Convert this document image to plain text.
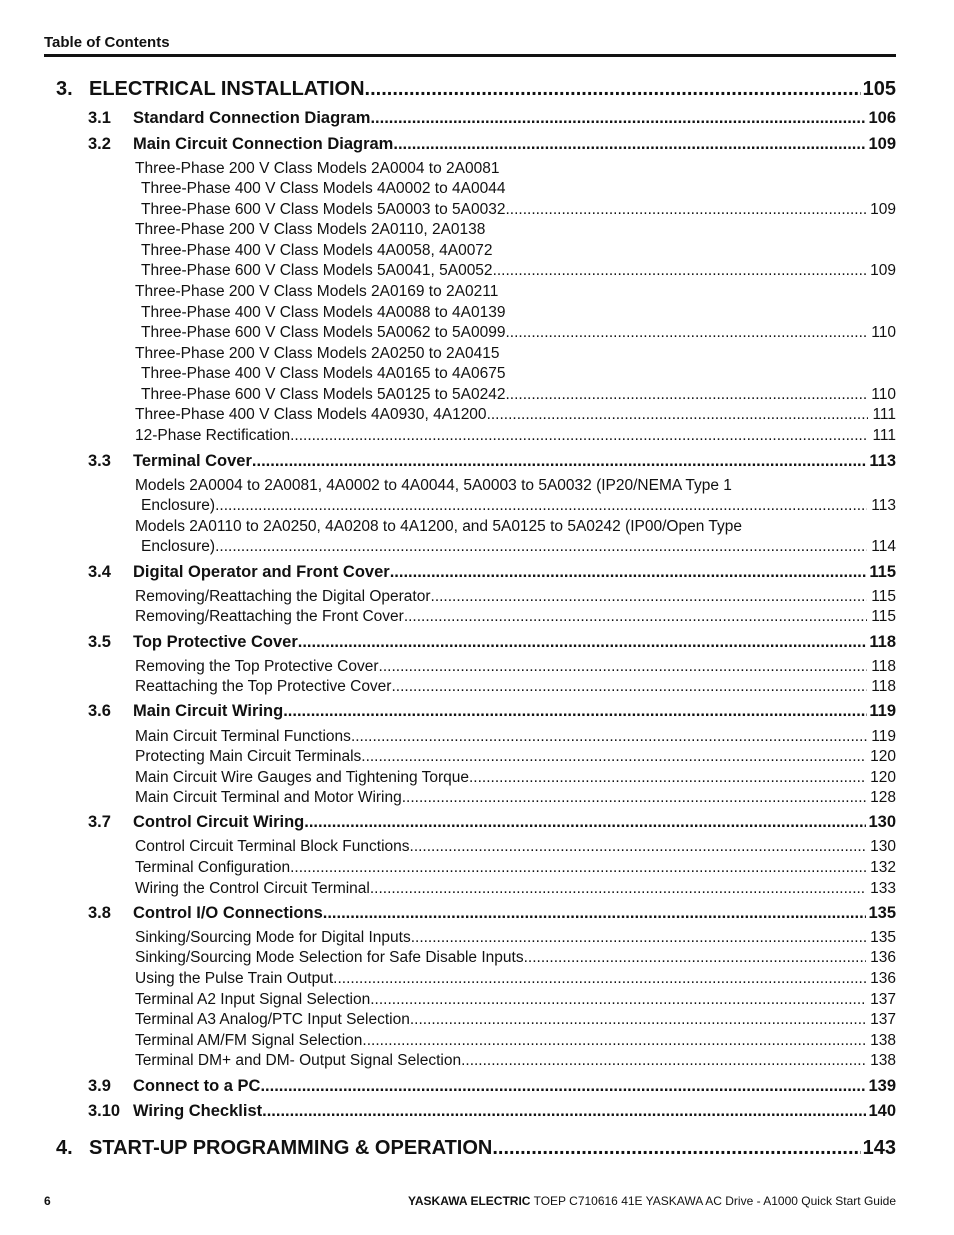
Table of Contents
3. ELECTRICAL INSTALLATION .....	105
3.1	Standard Connection Diagram .....	106
3.2	Main Circuit Connection Diagram .....	109
Three-Phase 200 V Class Models 2A0004 to 2A0081
Three-Phase 400 V Class Models 4A0002 to 4A0044
Three-Phase 600 V Class Models 5A0003 to 5A0032 .....	109
Three-Phase 200 V Class Models 2A0110, 2A0138
Three-Phase 400 V Class Models 4A0058, 4A0072
Three-Phase 600 V Class Models 5A0041, 5A0052 .....	109
Three-Phase 200 V Class Models 2A0169 to 2A0211
Three-Phase 400 V Class Models 4A0088 to 4A0139
Three-Phase 600 V Class Models 5A0062 to 5A0099 .....	110
Three-Phase 200 V Class Models 2A0250 to 2A0415
Three-Phase 400 V Class Models 4A0165 to 4A0675
Three-Phase 600 V Class Models 5A0125 to 5A0242 .....	110
Three-Phase 400 V Class Models 4A0930, 4A1200 .....	111
12-Phase Rectification .....	111
3.3	Terminal Cover .....	113
Models 2A0004 to 2A0081, 4A0002 to 4A0044, 5A0003 to 5A0032 (IP20/NEMA Type 1
Enclosure) .....	113
Models 2A0110 to 2A0250, 4A0208 to 4A1200, and 5A0125 to 5A0242 (IP00/Open Type
Enclosure) .....	114
3.4	Digital Operator and Front Cover .....	115
Removing/Reattaching the Digital Operator .....	115
Removing/Reattaching the Front Cover .....	115
3.5	Top Protective Cover .....	118
Removing the Top Protective Cover .....	118
Reattaching the Top Protective Cover .....	118
3.6	Main Circuit Wiring .....	119
Main Circuit Terminal Functions .....	119
Protecting Main Circuit Terminals .....	120
Main Circuit Wire Gauges and Tightening Torque .....	120
Main Circuit Terminal and Motor Wiring .....	128
3.7	Control Circuit Wiring .....	130
Control Circuit Terminal Block Functions .....	130
Terminal Configuration .....	132
Wiring the Control Circuit Terminal .....	133
3.8	Control I/O Connections .....	135
Sinking/Sourcing Mode for Digital Inputs .....	135
Sinking/Sourcing Mode Selection for Safe Disable Inputs .....	136
Using the Pulse Train Output .....	136
Terminal A2 Input Signal Selection .....	137
Terminal A3 Analog/PTC Input Selection .....	137
Terminal AM/FM Signal Selection .....	138
Terminal DM+ and DM- Output Signal Selection .....	138
3.9	Connect to a PC .....	139
3.10 Wiring Checklist .....	140
4. START-UP PROGRAMMING & OPERATION .....	143
6	YASKAWA ELECTRIC TOEP C710616 41E YASKAWA AC Drive - A1000 Quick Start Guide
